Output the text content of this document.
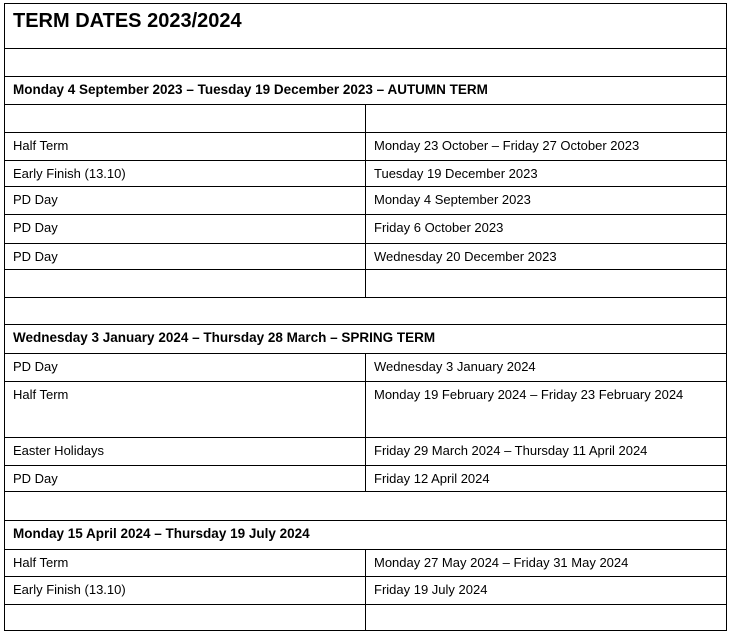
TERM DATES 2023/2024	

Monday 4 September 2023 – Tuesday 19 December 2023 – AUTUMN TERM	

Half Term	Monday 23 October – Friday 27 October 2023
Early Finish (13.10)	Tuesday 19 December 2023
PD Day	Monday 4 September 2023
PD Day	Friday 6 October 2023
PD Day	Wednesday 20 December 2023

Wednesday 3 January 2024 – Thursday 28 March – SPRING TERM	
PD Day	Wednesday 3 January 2024
Half Term	Monday 19 February 2024 – Friday 23 February 2024
Easter Holidays	Friday 29 March 2024 – Thursday 11 April 2024
PD Day	Friday 12 April 2024

Monday 15 April 2024 – Thursday 19 July 2024	
Half Term	Monday 27 May 2024 – Friday 31 May 2024
Early Finish (13.10)	Friday 19 July 2024
